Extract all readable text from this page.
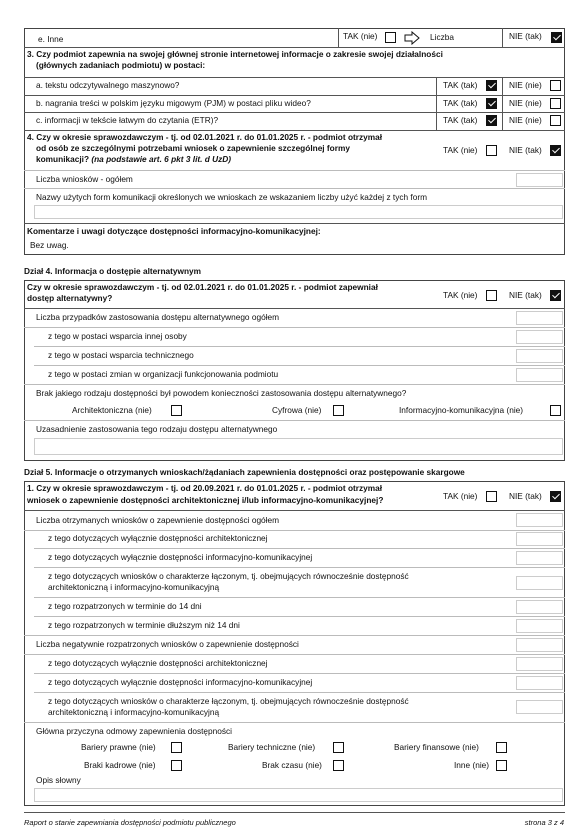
e. Inne	TAK (nie)	Liczba	NIE (tak)
3. Czy podmiot zapewnia na swojej głównej stronie internetowej informacje o zakresie swojej działalności
(głównych zadaniach podmiotu) w postaci:
a. tekstu odczytywalnego maszynowo?	TAK (tak)	NIE (nie)
b. nagrania treści w polskim języku migowym (PJM) w postaci pliku wideo?	TAK (tak)	NIE (nie)
c. informacji w tekście łatwym do czytania (ETR)?	TAK (tak)	NIE (nie)
4. Czy w okresie sprawozdawczym - tj. od 02.01.2021 r. do 01.01.2025 r. - podmiot otrzymał
od osób ze szczególnymi potrzebami wniosek o zapewnienie szczególnej formy
komunikacji? (na podstawie art. 6 pkt 3 lit. d UzD)
TAK (nie)	NIE (tak)
Liczba wniosków - ogółem
Nazwy użytych form komunikacji określonych we wnioskach ze wskazaniem liczby użyć każdej z tych form
Komentarze i uwagi dotyczące dostępności informacyjno-komunikacyjnej:
Bez uwag.
Dział 4. Informacja o dostępie alternatywnym
Czy w okresie sprawozdawczym - tj. od 02.01.2021 r. do 01.01.2025 r. - podmiot zapewniał
dostęp alternatywny?	TAK (nie)	NIE (tak)
Liczba przypadków zastosowania dostępu alternatywnego ogółem
z tego w postaci wsparcia innej osoby
z tego w postaci wsparcia technicznego
z tego w postaci zmian w organizacji funkcjonowania podmiotu
Brak jakiego rodzaju dostępności był powodem konieczności zastosowania dostępu alternatywnego?
Architektoniczna (nie)	Cyfrowa (nie)	Informacyjno-komunikacyjna (nie)
Uzasadnienie zastosowania tego rodzaju dostępu alternatywnego
Dział 5. Informacje o otrzymanych wnioskach/żądaniach zapewnienia dostępności oraz postępowanie skargowe
1. Czy w okresie sprawozdawczym - tj. od 20.09.2021 r. do 01.01.2025 r. - podmiot otrzymał
wniosek o zapewnienie dostępności architektonicznej i/lub informacyjno-komunikacyjnej?	TAK (nie)	NIE (tak)
Liczba otrzymanych wniosków o zapewnienie dostępności ogółem
z tego dotyczących wyłącznie dostępności architektonicznej
z tego dotyczących wyłącznie dostępności informacyjno-komunikacyjnej
z tego dotyczących wniosków o charakterze łączonym, tj. obejmujących równocześnie dostępność
architektoniczną i informacyjno-komunikacyjną
z tego rozpatrzonych w terminie do 14 dni
z tego rozpatrzonych w terminie dłuższym niż 14 dni
Liczba negatywnie rozpatrzonych wniosków o zapewnienie dostępności
z tego dotyczących wyłącznie dostępności architektonicznej
z tego dotyczących wyłącznie dostępności informacyjno-komunikacyjnej
z tego dotyczących wniosków o charakterze łączonym, tj. obejmujących równocześnie dostępność
architektoniczną i informacyjno-komunikacyjną
Główna przyczyna odmowy zapewnienia dostępności
Bariery prawne (nie)	Bariery techniczne (nie)	Bariery finansowe (nie)
Braki kadrowe (nie)	Brak czasu (nie)	Inne (nie)
Opis słowny
Raport o stanie zapewniania dostępności podmiotu publicznego	strona 3 z 4
